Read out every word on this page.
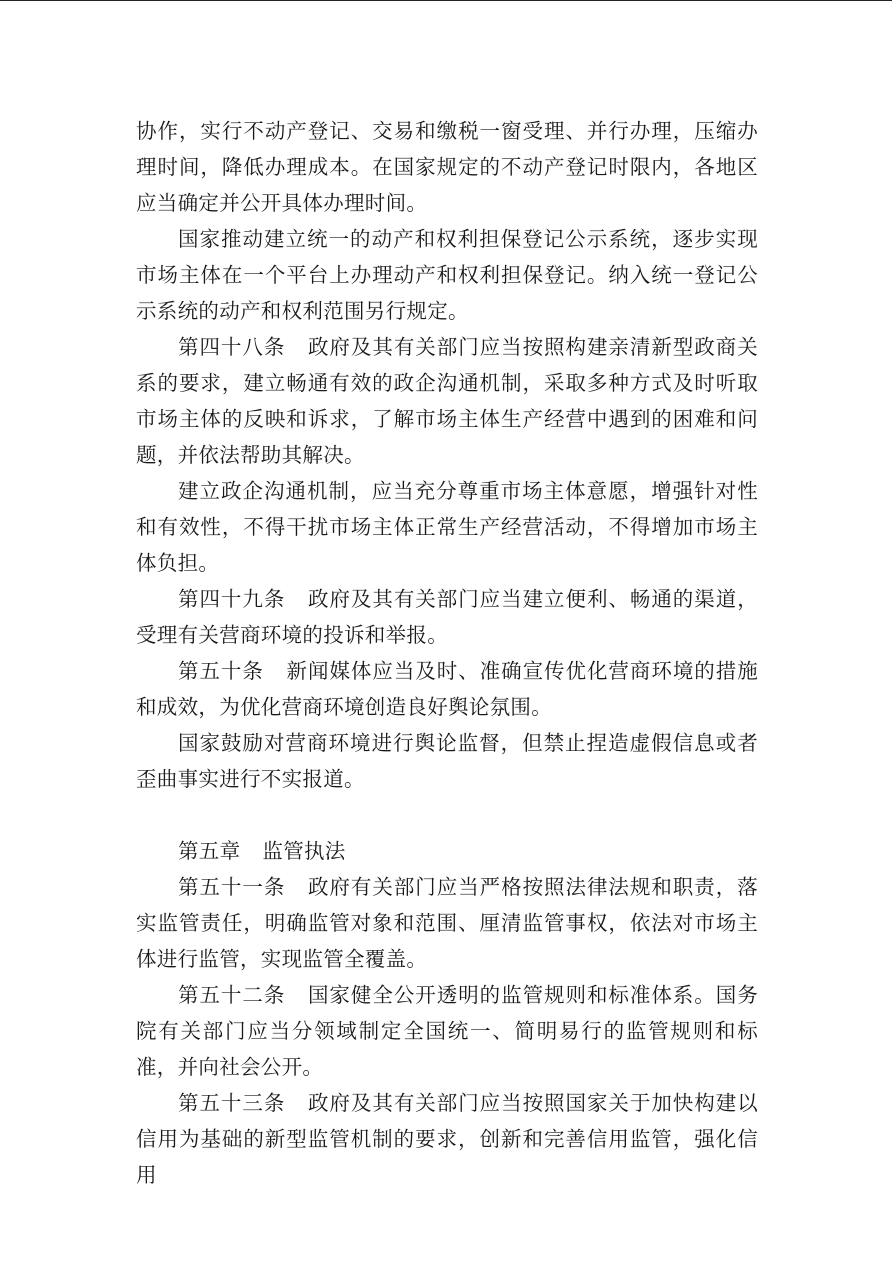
协作，实行不动产登记、交易和缴税一窗受理、并行办理，压缩办理时间，降低办理成本。在国家规定的不动产登记时限内，各地区应当确定并公开具体办理时间。

国家推动建立统一的动产和权利担保登记公示系统，逐步实现市场主体在一个平台上办理动产和权利担保登记。纳入统一登记公示系统的动产和权利范围另行规定。

第四十八条 政府及其有关部门应当按照构建亲清新型政商关系的要求，建立畅通有效的政企沟通机制，采取多种方式及时听取市场主体的反映和诉求，了解市场主体生产经营中遇到的困难和问题，并依法帮助其解决。

建立政企沟通机制，应当充分尊重市场主体意愿，增强针对性和有效性，不得干扰市场主体正常生产经营活动，不得增加市场主体负担。

第四十九条 政府及其有关部门应当建立便利、畅通的渠道，受理有关营商环境的投诉和举报。

第五十条 新闻媒体应当及时、准确宣传优化营商环境的措施和成效，为优化营商环境创造良好舆论氛围。

国家鼓励对营商环境进行舆论监督，但禁止捏造虚假信息或者歪曲事实进行不实报道。

第五章 监管执法

第五十一条 政府有关部门应当严格按照法律法规和职责，落实监管责任，明确监管对象和范围、厘清监管事权，依法对市场主体进行监管，实现监管全覆盖。

第五十二条 国家健全公开透明的监管规则和标准体系。国务院有关部门应当分领域制定全国统一、简明易行的监管规则和标准，并向社会公开。

第五十三条 政府及其有关部门应当按照国家关于加快构建以信用为基础的新型监管机制的要求，创新和完善信用监管，强化信用
